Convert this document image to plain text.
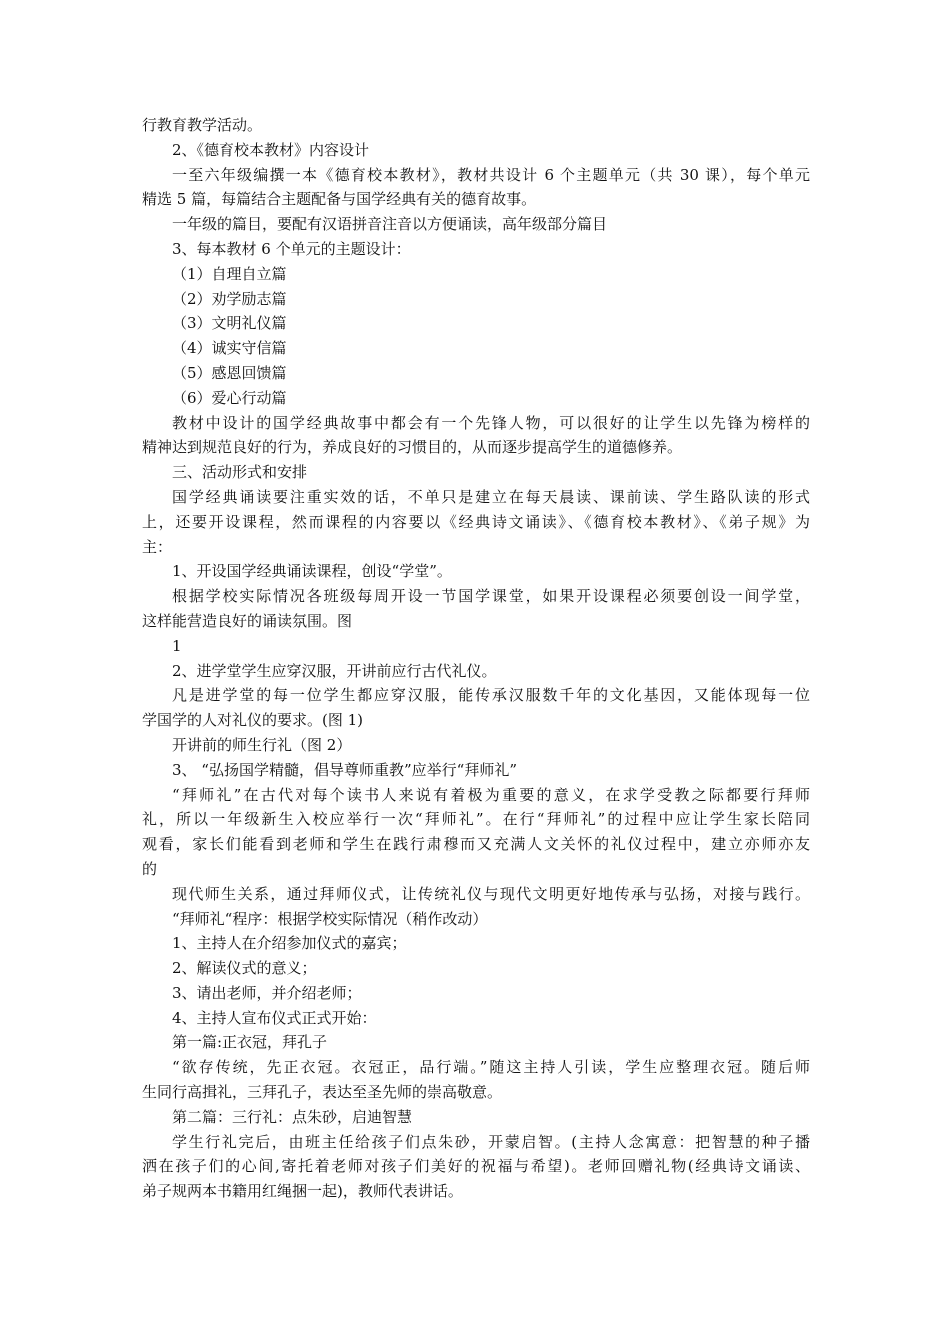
行教育教学活动。
2、《德育校本教材》内容设计
一至六年级编撰一本《德育校本教材》，教材共设计 6 个主题单元（共 30 课），每个单元
精选 5 篇，每篇结合主题配备与国学经典有关的德育故事。
一年级的篇目，要配有汉语拼音注音以方便诵读，高年级部分篇目
3、每本教材 6 个单元的主题设计：
（1）自理自立篇
（2）劝学励志篇
（3）文明礼仪篇
（4）诚实守信篇
（5）感恩回馈篇
（6）爱心行动篇
教材中设计的国学经典故事中都会有一个先锋人物，可以很好的让学生以先锋为榜样的
精神达到规范良好的行为，养成良好的习惯目的，从而逐步提高学生的道德修养。
三、活动形式和安排
国学经典诵读要注重实效的话，不单只是建立在每天晨读、课前读、学生路队读的形式
上，还要开设课程，然而课程的内容要以《经典诗文诵读》、《德育校本教材》、《弟子规》为
主：
1、开设国学经典诵读课程，创设“学堂”。
根据学校实际情况各班级每周开设一节国学课堂，如果开设课程必须要创设一间学堂，
这样能营造良好的诵读氛围。图
1
2、进学堂学生应穿汉服，开讲前应行古代礼仪。
凡是进学堂的每一位学生都应穿汉服，能传承汉服数千年的文化基因，又能体现每一位
学国学的人对礼仪的要求。(图 1)
开讲前的师生行礼（图 2）
3、 “弘扬国学精髓，倡导尊师重教”应举行“拜师礼”
“拜师礼”在古代对每个读书人来说有着极为重要的意义，在求学受教之际都要行拜师
礼，所以一年级新生入校应举行一次“拜师礼”。在行“拜师礼”的过程中应让学生家长陪同
观看，家长们能看到老师和学生在践行肃穆而又充满人文关怀的礼仪过程中，建立亦师亦友
的
现代师生关系，通过拜师仪式，让传统礼仪与现代文明更好地传承与弘扬，对接与践行。
“拜师礼“程序：根据学校实际情况（稍作改动）
1、主持人在介绍参加仪式的嘉宾；
2、解读仪式的意义；
3、请出老师，并介绍老师；
4、主持人宣布仪式正式开始：
第一篇:正衣冠，拜孔子
“欲存传统，先正衣冠。衣冠正，品行端。”随这主持人引读，学生应整理衣冠。随后师
生同行高揖礼，三拜孔子，表达至圣先师的崇高敬意。
第二篇：三行礼：点朱砂，启迪智慧
学生行礼完后，由班主任给孩子们点朱砂，开蒙启智。(主持人念寓意：把智慧的种子播
洒在孩子们的心间,寄托着老师对孩子们美好的祝福与希望)。老师回赠礼物(经典诗文诵读、
弟子规两本书籍用红绳捆一起)，教师代表讲话。
